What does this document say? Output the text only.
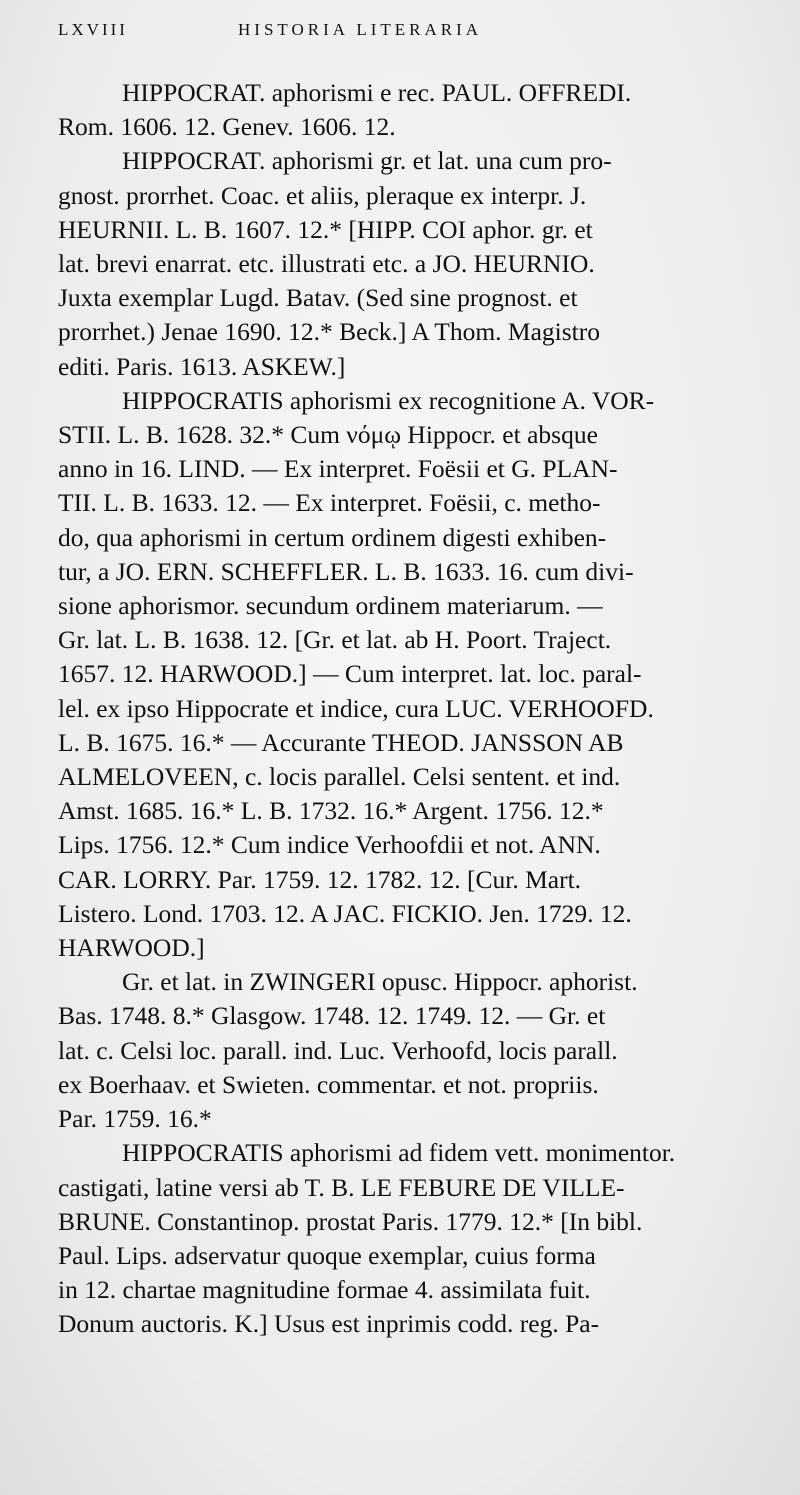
LXVIII	HISTORIA LITERARIA

HIPPOCRAT. aphorismi e rec. PAUL. OFFREDI.
Rom. 1606. 12. Genev. 1606. 12.

HIPPOCRAT. aphorismi gr. et lat. una cum pro-
gnost. prorrhet. Coac. et aliis, pleraque ex interpr. J.
HEURNII. L. B. 1607. 12.* [HIPP. COI aphor. gr. et
lat. brevi enarrat. etc. illustrati etc. a JO. HEURNIO.
Juxta exemplar Lugd. Batav. (Sed sine prognost. et
prorrhet.) Jenae 1690. 12.* Beck.] A Thom. Magistro
editi. Paris. 1613. ASKEW.]

HIPPOCRATIS aphorismi ex recognitione A. VOR-
STII. L. B. 1628. 32.* Cum νόμῳ Hippocr. et absque
anno in 16. LIND. — Ex interpret. Foësii et G. PLAN-
TII. L. B. 1633. 12. — Ex interpret. Foësii, c. metho-
do, qua aphorismi in certum ordinem digesti exhiben-
tur, a JO. ERN. SCHEFFLER. L. B. 1633. 16. cum divi-
sione aphorismor. secundum ordinem materiarum. —
Gr. lat. L. B. 1638. 12. [Gr. et lat. ab H. Poort. Traject.
1657. 12. HARWOOD.] — Cum interpret. lat. loc. paral-
lel. ex ipso Hippocrate et indice, cura LUC. VERHOOFD.
L. B. 1675. 16.* — Accurante THEOD. JANSSON AB
ALMELOVEEN, c. locis parallel. Celsi sentent. et ind.
Amst. 1685. 16.* L. B. 1732. 16.* Argent. 1756. 12.*
Lips. 1756. 12.* Cum indice Verhoofdii et not. ANN.
CAR. LORRY. Par. 1759. 12. 1782. 12. [Cur. Mart.
Listero. Lond. 1703. 12. A JAC. FICKIO. Jen. 1729. 12.
HARWOOD.]

Gr. et lat. in ZWINGERI opusc. Hippocr. aphorist.
Bas. 1748. 8.* Glasgow. 1748. 12. 1749. 12. — Gr. et
lat. c. Celsi loc. parall. ind. Luc. Verhoofd, locis parall.
ex Boerhaav. et Swieten. commentar. et not. propriis.
Par. 1759. 16.*

HIPPOCRATIS aphorismi ad fidem vett. monimentor.
castigati, latine versi ab T. B. LE FEBURE DE VILLE-
BRUNE. Constantinop. prostat Paris. 1779. 12.* [In bibl.
Paul. Lips. adservatur quoque exemplar, cuius forma
in 12. chartae magnitudine formae 4. assimilata fuit.
Donum auctoris. K.] Usus est inprimis codd. reg. Pa-
